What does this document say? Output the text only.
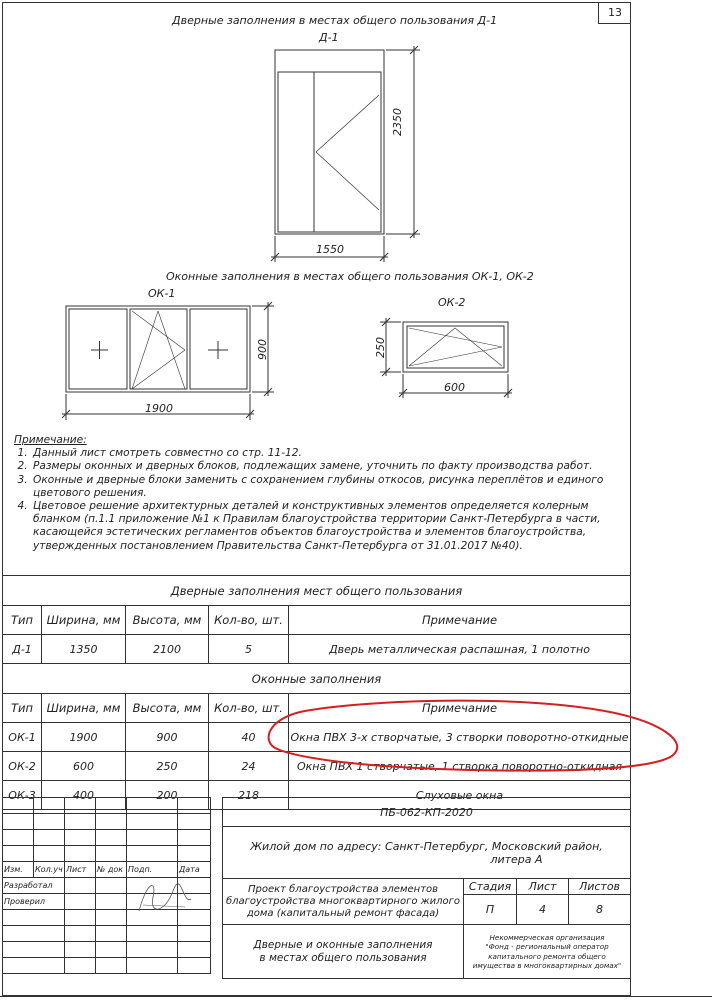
13
Дверные заполнения в местах общего пользования Д-1
Д-1
2350
1550
Оконные заполнения в местах общего пользования ОК-1, ОК-2
ОК-1
900
1900
ОК-2
250
600
Примечание:
1. Данный лист смотреть совместно со стр. 11-12.
2. Размеры оконных и дверных блоков, подлежащих замене, уточнить по факту производства работ.
3. Оконные и дверные блоки заменить с сохранением глубины откосов, рисунка переплётов и единого цветового решения.
4. Цветовое решение архитектурных деталей и конструктивных элементов определяется колерным бланком (п.1.1 приложение №1 к Правилам благоустройства территории Санкт-Петербурга в части, касающейся эстетических регламентов объектов благоустройства и элементов благоустройства, утвержденных постановлением Правительства Санкт-Петербурга от 31.01.2017 №40).
Дверные заполнения мест общего пользования				
Тип	Ширина, мм	Высота, мм	Кол-во, шт.	Примечание
Д-1	1350	2100	5	Дверь металлическая распашная, 1 полотно
Оконные заполнения				
Тип	Ширина, мм	Высота, мм	Кол-во, шт.	Примечание
ОК-1	1900	900	40	Окна ПВХ 3-х створчатые, 3 створки поворотно-откидные
ОК-2	600	250	24	Окна ПВХ 1 створчатые, 1 створка поворотно-откидная
ОК-3	400	200	218	Слуховые окна

Изм.	Кол.уч	Лист	№ док	Подп.	Дата
Разработал					
Проверил					

ПБ-062-КП-2020
Жилой дом по адресу: Санкт-Петербург, Московский район,
литера А
Проект благоустройства элементов
благоустройства многоквартирного жилого
дома (капитальный ремонт фасада)
Стадия	Лист	Листов
П	4	8
Дверные и оконные заполнения
в местах общего пользования
Некоммерческая организация
"Фонд - региональный оператор
капитального ремонта общего
имущества в многоквартирных домах"
